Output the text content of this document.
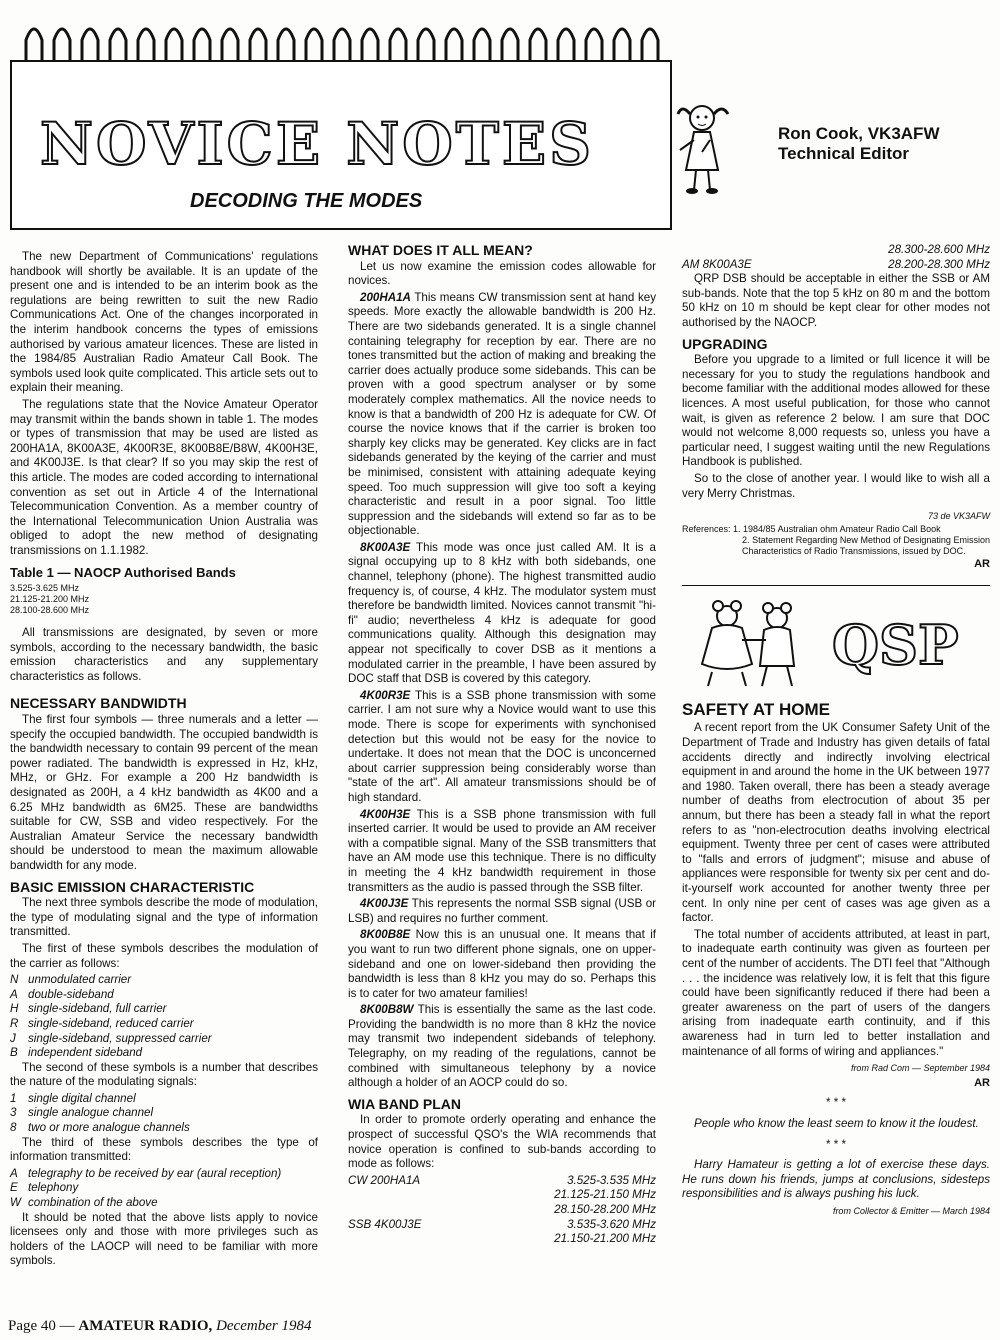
NOVICE NOTES
DECODING THE MODES
Ron Cook, VK3AFW
Technical Editor

The new Department of Communications' regulations handbook will shortly be available. It is an update of the present one and is intended to be an interim book as the regulations are being rewritten to suit the new Radio Communications Act. One of the changes incorporated in the interim handbook concerns the types of emissions authorised by various amateur licences. These are listed in the 1984/85 Australian Radio Amateur Call Book. The symbols used look quite complicated. This article sets out to explain their meaning.

The regulations state that the Novice Amateur Operator may transmit within the bands shown in table 1. The modes or types of transmission that may be used are listed as 200HA1A, 8K00A3E, 4K00R3E, 8K00B8E/B8W, 4K00H3E, and 4K00J3E. Is that clear? If so you may skip the rest of this article. The modes are coded according to international convention as set out in Article 4 of the International Telecommunication Convention. As a member country of the International Telecommunication Union Australia was obliged to adopt the new method of designating transmissions on 1.1.1982.

Table 1 — NAOCP Authorised Bands
3.525-3.625 MHz
21.125-21.200 MHz
28.100-28.600 MHz

All transmissions are designated, by seven or more symbols, according to the necessary bandwidth, the basic emission characteristics and any supplementary characteristics as follows.

NECESSARY BANDWIDTH

The first four symbols — three numerals and a letter — specify the occupied bandwidth. The occupied bandwidth is the bandwidth necessary to contain 99 percent of the mean power radiated. The bandwidth is expressed in Hz, kHz, MHz, or GHz. For example a 200 Hz bandwidth is designated as 200H, a 4 kHz bandwidth as 4K00 and a 6.25 MHz bandwidth as 6M25. These are bandwidths suitable for CW, SSB and video respectively. For the Australian Amateur Service the necessary bandwidth should be understood to mean the maximum allowable bandwidth for any mode.

BASIC EMISSION CHARACTERISTIC

The next three symbols describe the mode of modulation, the type of modulating signal and the type of information transmitted.

The first of these symbols describes the modulation of the carrier as follows:

N unmodulated carrier
A double-sideband
H single-sideband, full carrier
R single-sideband, reduced carrier
J	single-sideband, suppressed carrier
B independent sideband

The second of these symbols is a number that describes the nature of the modulating signals:

1 single digital channel
3 single analogue channel
8 two or more analogue channels

The third of these symbols describes the type of information transmitted:

A telegraphy to be received by ear (aural reception)
E telephony
W combination of the above

It should be noted that the above lists apply to novice licensees only and those with more privileges such as holders of the LAOCP will need to be familiar with more symbols.

WHAT DOES IT ALL MEAN?

Let us now examine the emission codes allowable for novices.

200HA1A This means CW transmission sent at hand key speeds. More exactly the allowable bandwidth is 200 Hz. There are two sidebands generated. It is a single channel containing telegraphy for reception by ear. There are no tones transmitted but the action of making and breaking the carrier does actually produce some sidebands. This can be proven with a good spectrum analyser or by some moderately complex mathematics. All the novice needs to know is that a bandwidth of 200 Hz is adequate for CW. Of course the novice knows that if the carrier is broken too sharply key clicks may be generated. Key clicks are in fact sidebands generated by the keying of the carrier and must be minimised, consistent with attaining adequate keying speed. Too much suppression will give too soft a keying characteristic and result in a poor signal. Too little suppression and the sidebands will extend so far as to be objectionable.

8K00A3E This mode was once just called AM. It is a signal occupying up to 8 kHz with both sidebands, one channel, telephony (phone). The highest transmitted audio frequency is, of course, 4 kHz. The modulator system must therefore be bandwidth limited. Novices cannot transmit "hi-fi" audio; nevertheless 4 kHz is adequate for good communications quality. Although this designation may appear not specifically to cover DSB as it mentions a modulated carrier in the preamble, I have been assured by DOC staff that DSB is covered by this category.

4K00R3E This is a SSB phone transmission with some carrier. I am not sure why a Novice would want to use this mode. There is scope for experiments with synchonised detection but this would not be easy for the novice to undertake. It does not mean that the DOC is unconcerned about carrier suppression being considerably worse than "state of the art". All amateur transmissions should be of high standard.

4K00H3E This is a SSB phone transmission with full inserted carrier. It would be used to provide an AM receiver with a compatible signal. Many of the SSB transmitters that have an AM mode use this technique. There is no difficulty in meeting the 4 kHz bandwidth requirement in those transmitters as the audio is passed through the SSB filter.

4K00J3E This represents the normal SSB signal (USB or LSB) and requires no further comment.

8K00B8E Now this is an unusual one. It means that if you want to run two different phone signals, one on upper-sideband and one on lower-sideband then providing the bandwidth is less than 8 kHz you may do so. Perhaps this is to cater for two amateur families!

8K00B8W This is essentially the same as the last code. Providing the bandwidth is no more than 8 kHz the novice may transmit two independent sidebands of telephony. Telegraphy, on my reading of the regulations, cannot be combined with simultaneous telephony by a novice although a holder of an AOCP could do so.

WIA BAND PLAN

In order to promote orderly operating and enhance the prospect of successful QSO's the WIA recommends that novice operation is confined to sub-bands according to mode as follows:

CW 200HA1A	3.525-3.535 MHz
21.125-21.150 MHz
28.150-28.200 MHz
SSB 4K00J3E	3.535-3.620 MHz
21.150-21.200 MHz
28.300-28.600 MHz
AM 8K00A3E	28.200-28.300 MHz

QRP DSB should be acceptable in either the SSB or AM sub-bands. Note that the top 5 kHz on 80 m and the bottom 50 kHz on 10 m should be kept clear for other modes not authorised by the NAOCP.

UPGRADING

Before you upgrade to a limited or full licence it will be necessary for you to study the regulations handbook and become familiar with the additional modes allowed for these licences. A most useful publication, for those who cannot wait, is given as reference 2 below. I am sure that DOC would not welcome 8,000 requests so, unless you have a particular need, I suggest waiting until the new Regulations Handbook is published.

So to the close of another year. I would like to wish all a very Merry Christmas.

73 de VK3AFW
References: 1. 1984/85 Australian ohm Amateur Radio Call Book
2. Statement Regarding New Method of Designating Emission Characteristics of Radio Transmissions, issued by DOC.
AR
QSP
SAFETY AT HOME

A recent report from the UK Consumer Safety Unit of the Department of Trade and Industry has given details of fatal accidents directly and indirectly involving electrical equipment in and around the home in the UK between 1977 and 1980. Taken overall, there has been a steady average number of deaths from electrocution of about 35 per annum, but there has been a steady fall in what the report refers to as "non-electrocution deaths involving electrical equipment. Twenty three per cent of cases were attributed to "falls and errors of judgment"; misuse and abuse of appliances were responsible for twenty six per cent and do-it-yourself work accounted for another twenty three per cent. In only nine per cent of cases was age given as a factor.

The total number of accidents attributed, at least in part, to inadequate earth continuity was given as fourteen per cent of the number of accidents. The DTI feel that "Although . . . the incidence was relatively low, it is felt that this figure could have been significantly reduced if there had been a greater awareness on the part of users of the dangers arising from inadequate earth continuity, and if this awareness had in turn led to better installation and maintenance of all forms of wiring and appliances."

from Rad Com — September 1984
AR
* * *

People who know the least seem to know it the loudest.

* * *

Harry Hamateur is getting a lot of exercise these days. He runs down his friends, jumps at conclusions, sidesteps responsibilities and is always pushing his luck.

from Collector & Emitter — March 1984
Page 40 — AMATEUR RADIO, December 1984
